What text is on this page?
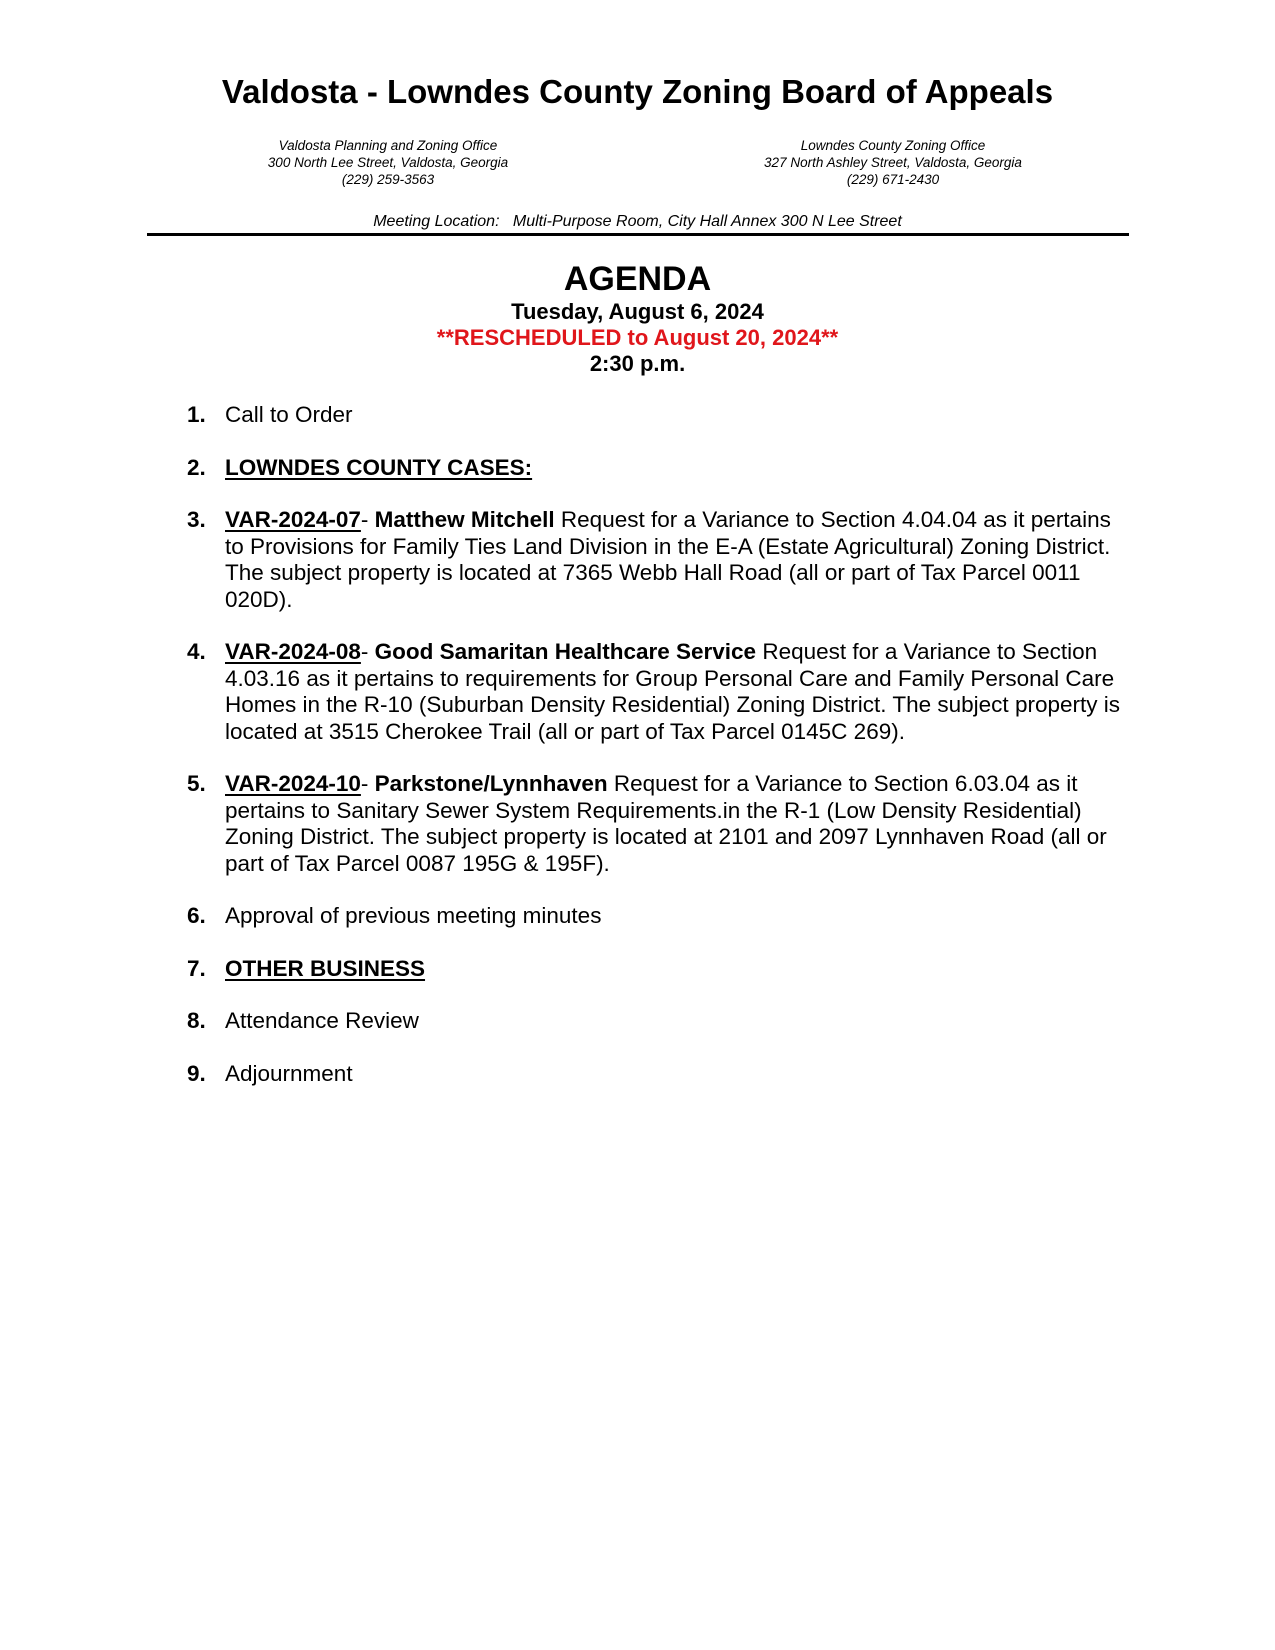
Valdosta - Lowndes County Zoning Board of Appeals
Valdosta Planning and Zoning Office
300 North Lee Street, Valdosta, Georgia
(229) 259-3563
Lowndes County Zoning Office
327 North Ashley Street, Valdosta, Georgia
(229) 671-2430
Meeting Location:   Multi-Purpose Room, City Hall Annex 300 N Lee Street
AGENDA
Tuesday, August 6, 2024
**RESCHEDULED to August 20, 2024**
2:30 p.m.
1. Call to Order
2. LOWNDES COUNTY CASES:
3. VAR-2024-07- Matthew Mitchell Request for a Variance to Section 4.04.04 as it pertains to Provisions for Family Ties Land Division in the E-A (Estate Agricultural) Zoning District. The subject property is located at 7365 Webb Hall Road (all or part of Tax Parcel 0011 020D).
4. VAR-2024-08- Good Samaritan Healthcare Service Request for a Variance to Section 4.03.16 as it pertains to requirements for Group Personal Care and Family Personal Care Homes in the R-10 (Suburban Density Residential) Zoning District. The subject property is located at 3515 Cherokee Trail (all or part of Tax Parcel 0145C 269).
5. VAR-2024-10- Parkstone/Lynnhaven Request for a Variance to Section 6.03.04 as it pertains to Sanitary Sewer System Requirements.in the R-1 (Low Density Residential) Zoning District. The subject property is located at 2101 and 2097 Lynnhaven Road (all or part of Tax Parcel 0087 195G & 195F).
6. Approval of previous meeting minutes
7. OTHER BUSINESS
8. Attendance Review
9. Adjournment
